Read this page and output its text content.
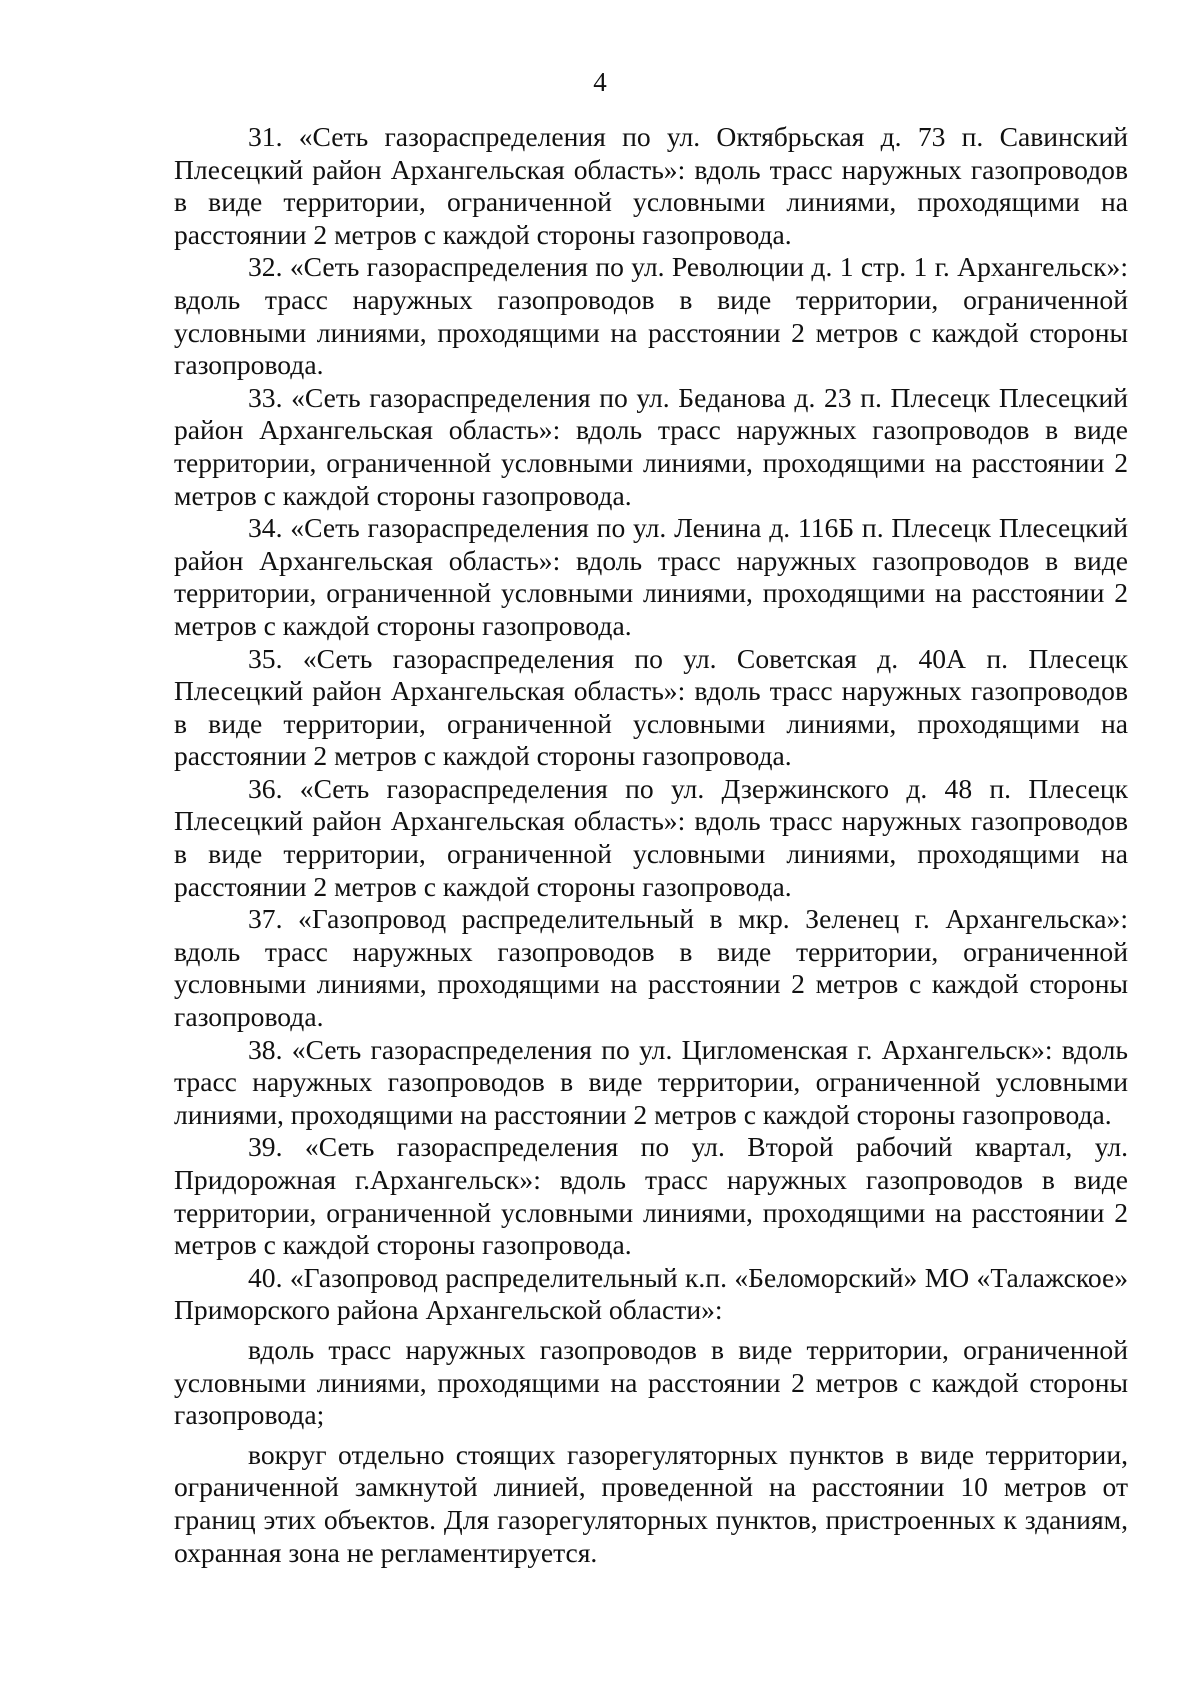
4

31. «Сеть газораспределения по ул. Октябрьская д. 73 п. Савинский Плесецкий район Архангельская область»: вдоль трасс наружных газопроводов в виде территории, ограниченной условными линиями, проходящими на расстоянии 2 метров с каждой стороны газопровода.

32. «Сеть газораспределения по ул. Революции д. 1 стр. 1 г. Архангельск»: вдоль трасс наружных газопроводов в виде территории, ограниченной условными линиями, проходящими на расстоянии 2 метров с каждой стороны газопровода.

33. «Сеть газораспределения по ул. Беданова д. 23 п. Плесецк Плесецкий район Архангельская область»: вдоль трасс наружных газопроводов в виде территории, ограниченной условными линиями, проходящими на расстоянии 2 метров с каждой стороны газопровода.

34. «Сеть газораспределения по ул. Ленина д. 116Б п. Плесецк Плесецкий район Архангельская область»: вдоль трасс наружных газопроводов в виде территории, ограниченной условными линиями, проходящими на расстоянии 2 метров с каждой стороны газопровода.

35. «Сеть газораспределения по ул. Советская д. 40А п. Плесецк Плесецкий район Архангельская область»: вдоль трасс наружных газопроводов в виде территории, ограниченной условными линиями, проходящими на расстоянии 2 метров с каждой стороны газопровода.

36. «Сеть газораспределения по ул. Дзержинского д. 48 п. Плесецк Плесецкий район Архангельская область»: вдоль трасс наружных газопроводов в виде территории, ограниченной условными линиями, проходящими на расстоянии 2 метров с каждой стороны газопровода.

37. «Газопровод распределительный в мкр. Зеленец г. Архангельска»: вдоль трасс наружных газопроводов в виде территории, ограниченной условными линиями, проходящими на расстоянии 2 метров с каждой стороны газопровода.

38. «Сеть газораспределения по ул. Цигломенская г. Архангельск»: вдоль трасс наружных газопроводов в виде территории, ограниченной условными линиями, проходящими на расстоянии 2 метров с каждой стороны газопровода.

39. «Сеть газораспределения по ул. Второй рабочий квартал, ул. Придорожная г.Архангельск»: вдоль трасс наружных газопроводов в виде территории, ограниченной условными линиями, проходящими на расстоянии 2 метров с каждой стороны газопровода.

40. «Газопровод распределительный к.п. «Беломорский» МО «Талажское» Приморского района Архангельской области»:

вдоль трасс наружных газопроводов в виде территории, ограниченной условными линиями, проходящими на расстоянии 2 метров с каждой стороны газопровода;

вокруг отдельно стоящих газорегуляторных пунктов в виде территории, ограниченной замкнутой линией, проведенной на расстоянии 10 метров от границ этих объектов. Для газорегуляторных пунктов, пристроенных к зданиям, охранная зона не регламентируется.
